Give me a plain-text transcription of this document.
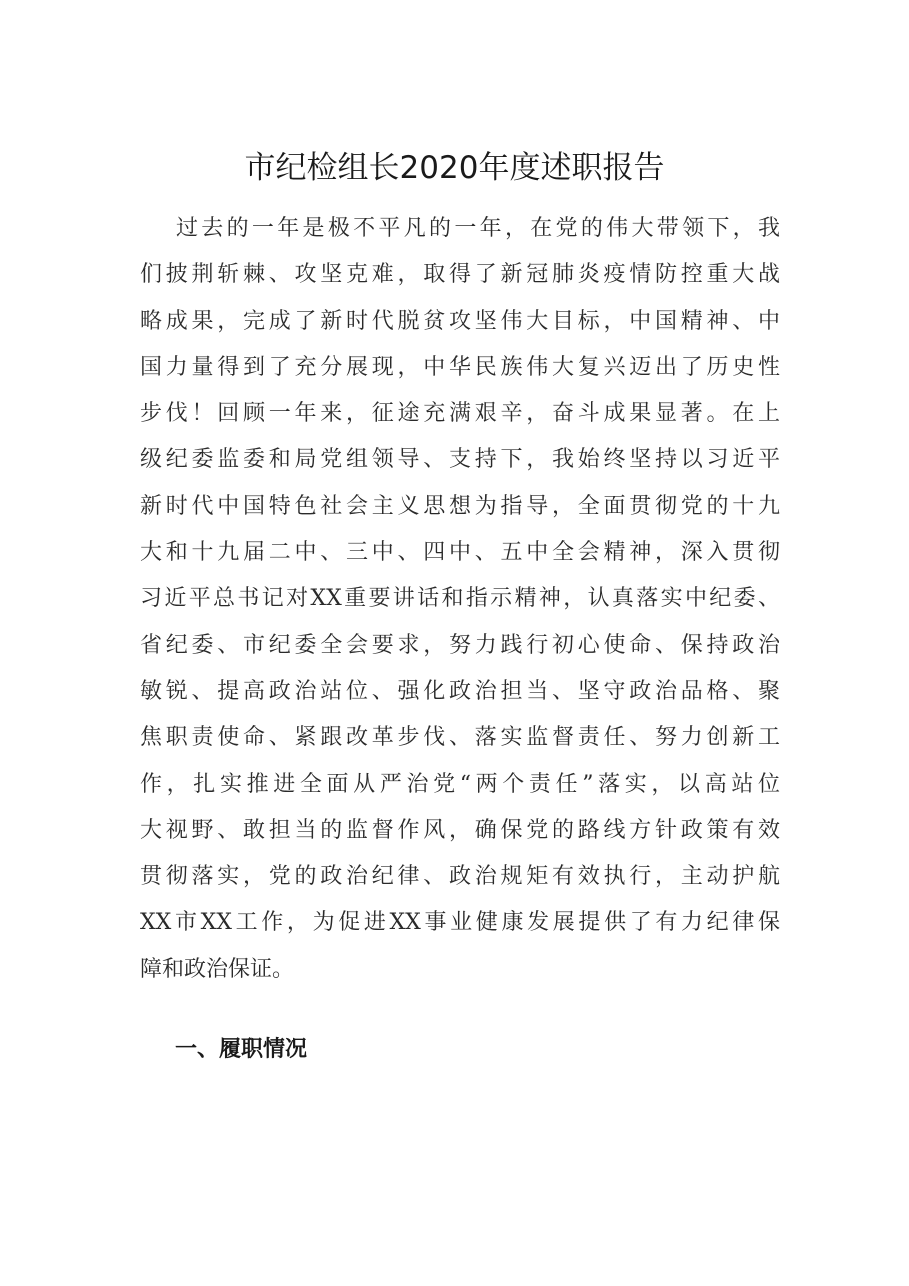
市纪检组长2020年度述职报告
过去的一年是极不平凡的一年，在党的伟大带领下，我
们披荆斩棘、攻坚克难，取得了新冠肺炎疫情防控重大战
略成果，完成了新时代脱贫攻坚伟大目标，中国精神、中
国力量得到了充分展现，中华民族伟大复兴迈出了历史性
步伐！回顾一年来，征途充满艰辛，奋斗成果显著。在上
级纪委监委和局党组领导、支持下，我始终坚持以习近平
新时代中国特色社会主义思想为指导，全面贯彻党的十九
大和十九届二中、三中、四中、五中全会精神，深入贯彻
习近平总书记对XX重要讲话和指示精神，认真落实中纪委、
省纪委、市纪委全会要求，努力践行初心使命、保持政治
敏锐、提高政治站位、强化政治担当、坚守政治品格、聚
焦职责使命、紧跟改革步伐、落实监督责任、努力创新工
作，扎实推进全面从严治党“两个责任”落实，以高站位
大视野、敢担当的监督作风，确保党的路线方针政策有效
贯彻落实，党的政治纪律、政治规矩有效执行，主动护航
XX市XX工作，为促进XX事业健康发展提供了有力纪律保
障和政治保证。
一、履职情况
